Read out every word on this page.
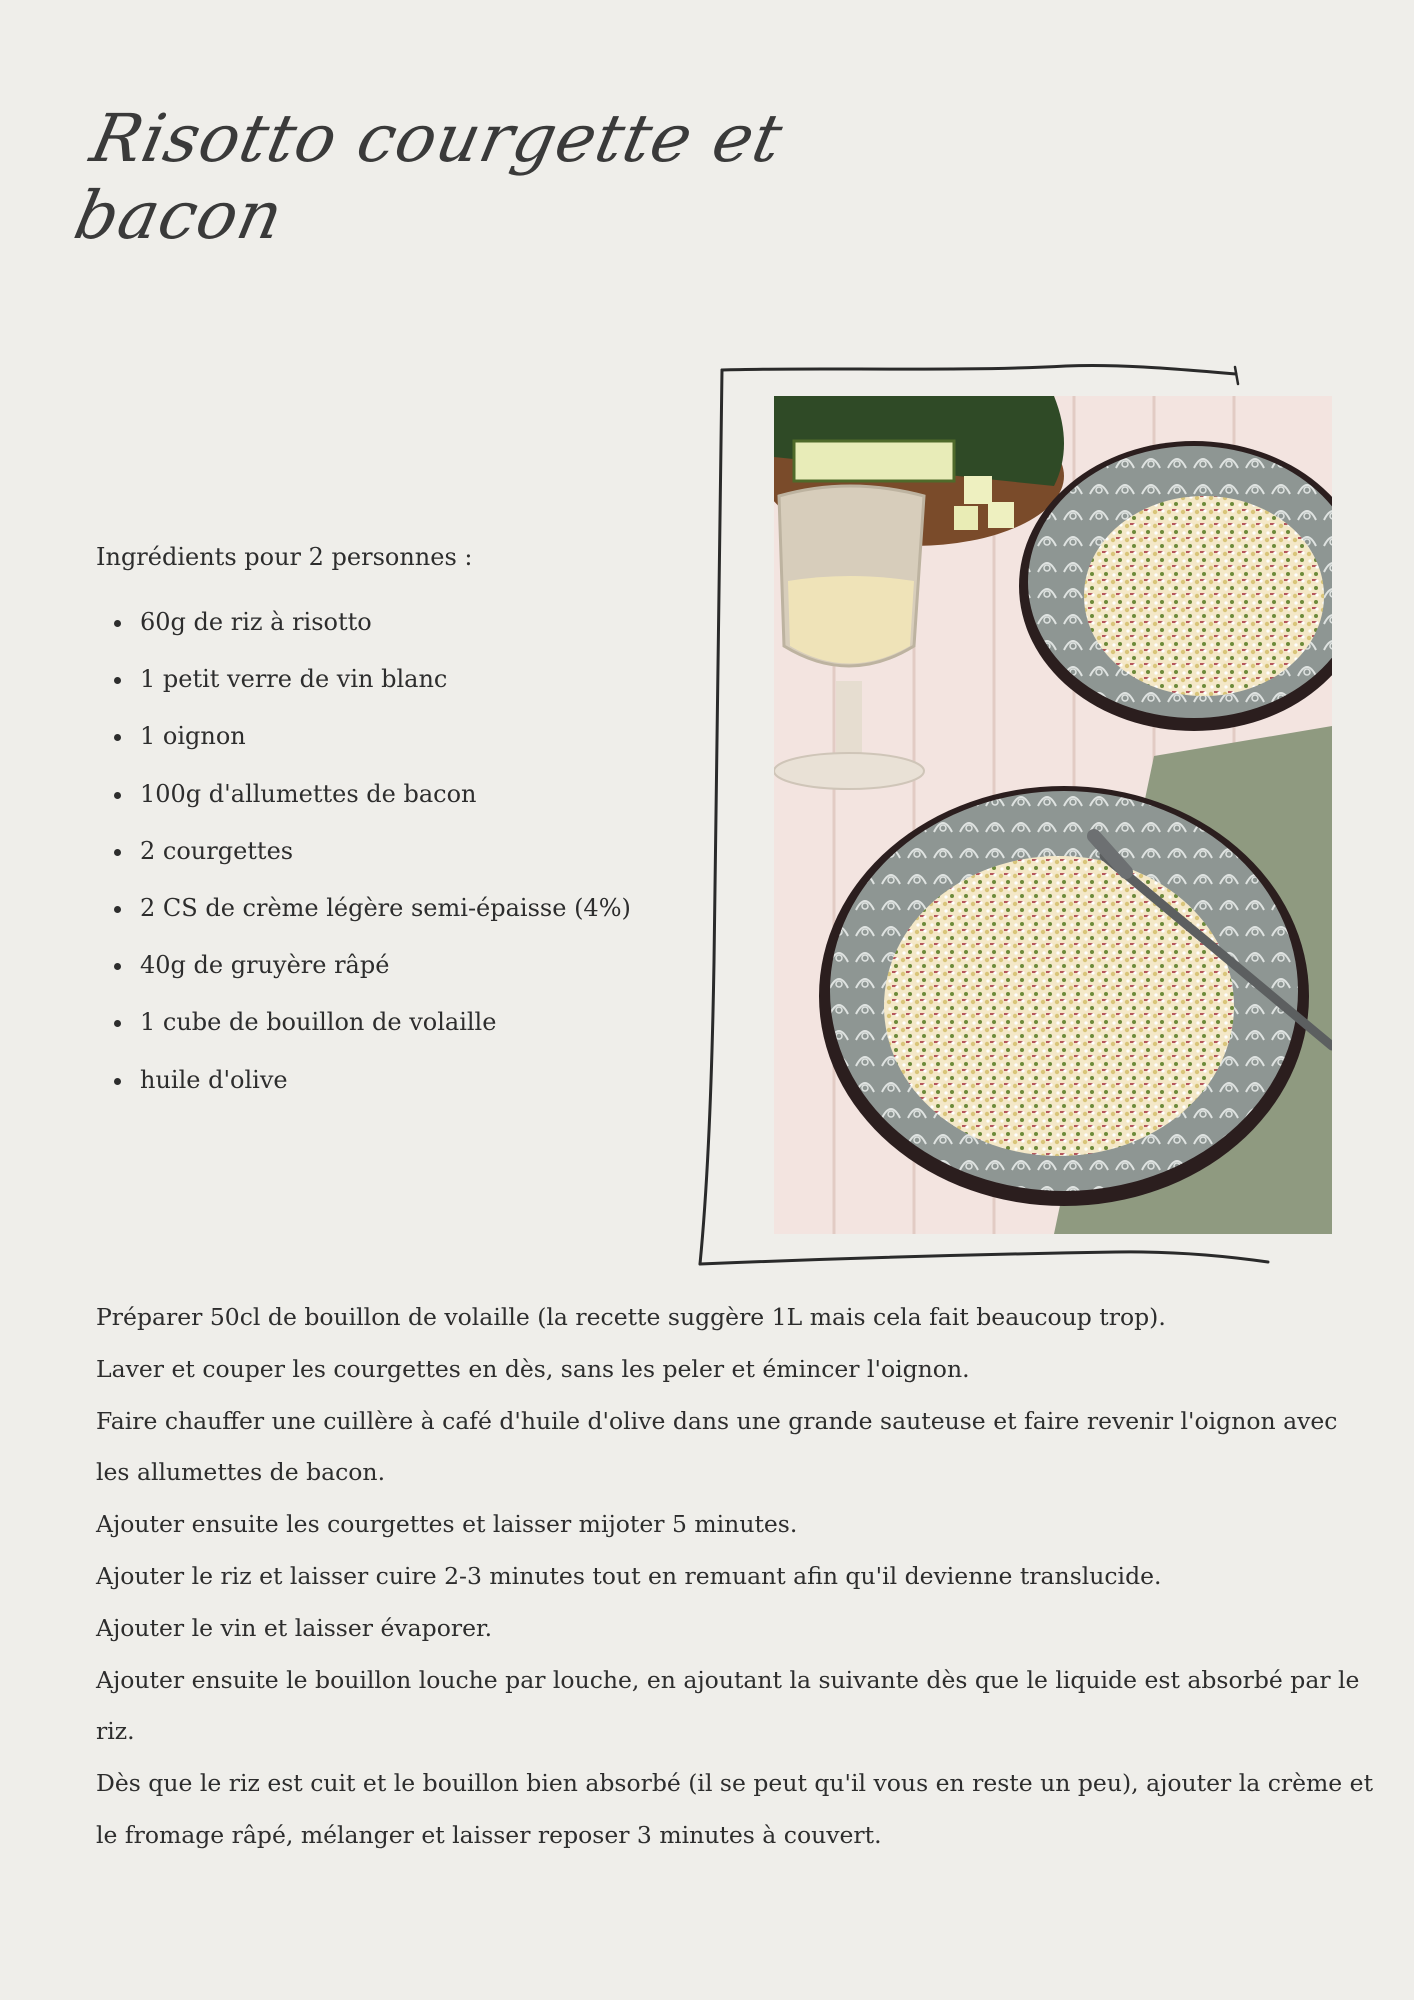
Risotto courgette et bacon
Ingrédients pour 2 personnes :
60g de riz à risotto
1 petit verre de vin blanc
1 oignon
100g d'allumettes de bacon
2 courgettes
2 CS de crème légère semi-épaisse (4%)
40g de gruyère râpé
1 cube de bouillon de volaille
huile d'olive

Préparer 50cl de bouillon de volaille (la recette suggère 1L mais cela fait beaucoup trop).

Laver et couper les courgettes en dès, sans les peler et émincer l'oignon.

Faire chauffer une cuillère à café d'huile d'olive dans une grande sauteuse et faire revenir l'oignon avec les allumettes de bacon.

Ajouter ensuite les courgettes et laisser mijoter 5 minutes.

Ajouter le riz et laisser cuire 2-3 minutes tout en remuant afin qu'il devienne translucide.

Ajouter le vin et laisser évaporer.

Ajouter ensuite le bouillon louche par louche, en ajoutant la suivante dès que le liquide est absorbé par le riz.

Dès que le riz est cuit et le bouillon bien absorbé (il se peut qu'il vous en reste un peu), ajouter la crème et le fromage râpé, mélanger et laisser reposer 3 minutes à couvert.
